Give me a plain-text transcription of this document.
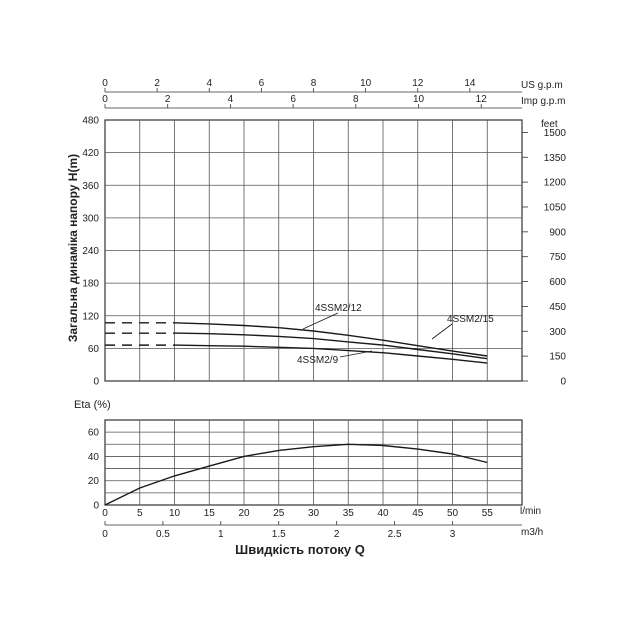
0
60
120
180
240
300
360
420
480
0
150
300
450
600
750
900
1050
1200
1350
1500
0	2	4	6	8	10	12	14
0	2	4	6	8	10	12
0
20
40
60
0	5	10 15 20 25 30 35 40 45 50 55
0	0.5	1	1.5	2	2.5	3
Загальна динаміка напору H(m)
feet
US g.p.m
Imp g.p.m
Eta (%)
l/min
m3/h
Швидкість потоку Q
4SSM2/12
4SSM2/15
4SSM2/9
